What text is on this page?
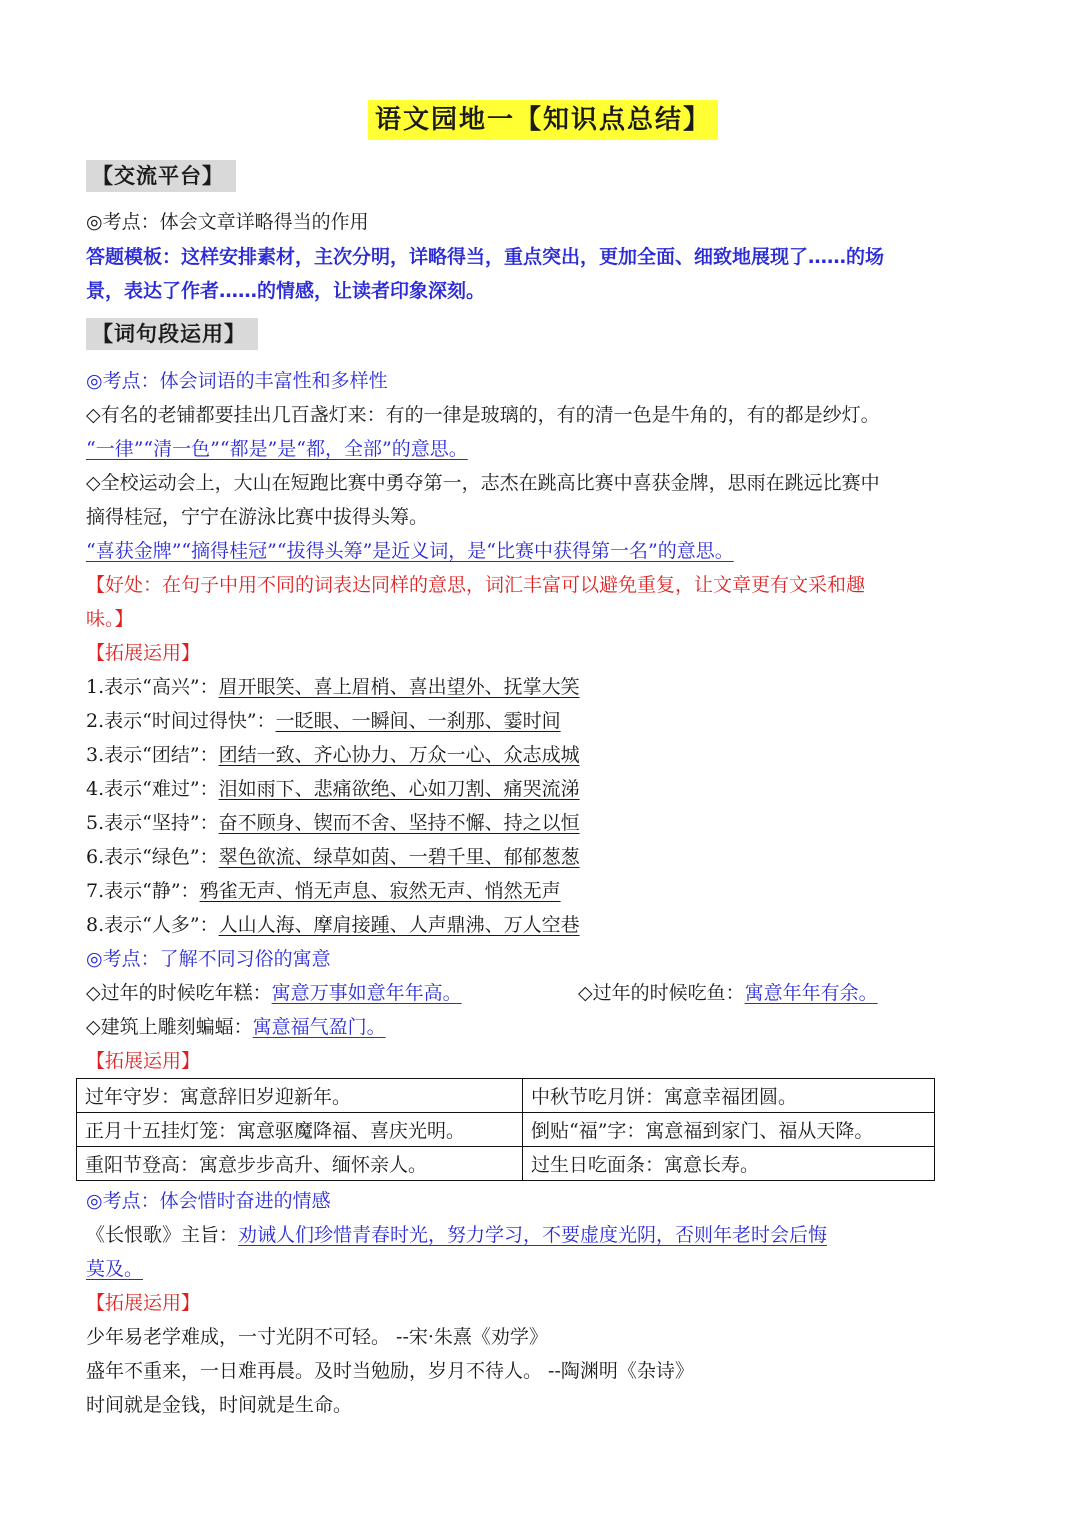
语文园地一【知识点总结】
【交流平台】
◎考点：体会文章详略得当的作用
答题模板：这样安排素材，主次分明，详略得当，重点突出，更加全面、细致地展现了……的场
景，表达了作者……的情感，让读者印象深刻。
【词句段运用】
◎考点：体会词语的丰富性和多样性
◇有名的老铺都要挂出几百盏灯来：有的一律是玻璃的，有的清一色是牛角的，有的都是纱灯。
“一律”“清一色”“都是”是“都，全部”的意思。
◇全校运动会上，大山在短跑比赛中勇夺第一，志杰在跳高比赛中喜获金牌，思雨在跳远比赛中
摘得桂冠，宁宁在游泳比赛中拔得头筹。
“喜获金牌”“摘得桂冠”“拔得头筹”是近义词，是“比赛中获得第一名”的意思。
【好处：在句子中用不同的词表达同样的意思，词汇丰富可以避免重复，让文章更有文采和趣
味。】
【拓展运用】
1.表示“高兴”：眉开眼笑、喜上眉梢、喜出望外、抚掌大笑
2.表示“时间过得快”：一眨眼、一瞬间、一刹那、霎时间
3.表示“团结”：团结一致、齐心协力、万众一心、众志成城
4.表示“难过”：泪如雨下、悲痛欲绝、心如刀割、痛哭流涕
5.表示“坚持”：奋不顾身、锲而不舍、坚持不懈、持之以恒
6.表示“绿色”：翠色欲流、绿草如茵、一碧千里、郁郁葱葱
7.表示“静”：鸦雀无声、悄无声息、寂然无声、悄然无声
8.表示“人多”：人山人海、摩肩接踵、人声鼎沸、万人空巷
◎考点：了解不同习俗的寓意
◇过年的时候吃年糕：寓意万事如意年年高。	◇过年的时候吃鱼：寓意年年有余。
◇建筑上雕刻蝙蝠：寓意福气盈门。
【拓展运用】
过年守岁：寓意辞旧岁迎新年。	中秋节吃月饼：寓意幸福团圆。
正月十五挂灯笼：寓意驱魔降福、喜庆光明。	倒贴“福”字：寓意福到家门、福从天降。
重阳节登高：寓意步步高升、缅怀亲人。	过生日吃面条：寓意长寿。
◎考点：体会惜时奋进的情感
《长恨歌》主旨：劝诫人们珍惜青春时光，努力学习，不要虚度光阴，否则年老时会后悔
莫及。
【拓展运用】
少年易老学难成，一寸光阴不可轻。 --宋·朱熹《劝学》
盛年不重来，一日难再晨。及时当勉励，岁月不待人。 --陶渊明《杂诗》
时间就是金钱，时间就是生命。
